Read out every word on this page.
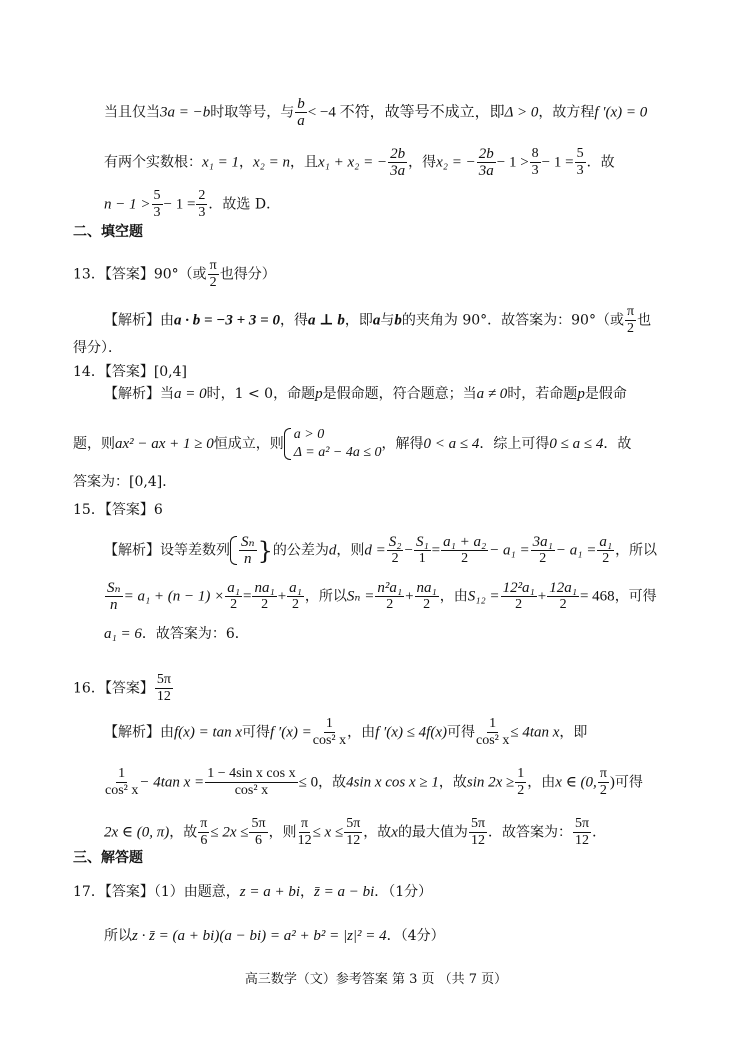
当且仅当3a = −b时取等号，与 $\frac{b}{a} < -4$ 不符，故等号不成立，即Δ > 0，故方程f ′(x) = 0
有两个实数根：x₁ = 1，x₂ = n，且x₁ + x₂ = − $\frac{2b}{3a}$ ，得x₂ = − $\frac{2b}{3a} - 1 > \frac{8}{3} - 1 = \frac{5}{3}$ ．故
$n - 1 > \frac{5}{3} - 1 = \frac{2}{3}$ ．故选 D．
二、填空题
13．【答案】90°（或 $\frac{\pi}{2}$ 也得分）
【解析】由a · b = −3 + 3 = 0，得a ⊥ b，即a与b的夹角为 90°．故答案为：90°（或 $\frac{\pi}{2}$ 也
得分）．
14．【答案】[0,4]
【解析】当a = 0时，1 < 0，命题p是假命题，符合题意；当a ≠ 0时，若命题p是假命
题，则ax² − ax + 1 ≥ 0恒成立，则
a > 0
Δ = a² − 4a ≤ 0
，解得0 < a ≤ 4．综上可得0 ≤ a ≤ 4．故
答案为：[0,4]．
15．【答案】6
【解析】设等差数列 $\frac{\text{Sₙ}}{n}$ }的公差为d，则$d = \frac{\text{S₂}}{2} - \frac{\text{S₁}}{1} = \frac{\text{a₁ + a₂}}{2} - a_1 = \frac{\text{3a₁}}{2} - a_1 = \frac{\text{a₁}}{2}$ ，所以
$\frac{\text{Sₙ}}{n} = a_1 + (n - 1) \times \frac{\text{a₁}}{2} = \frac{\text{na₁}}{2} + \frac{\text{a₁}}{2}$ ，所以$S_n = \frac{\text{n²a₁}}{2} + \frac{\text{na₁}}{2}$ ，由$S_{12} = \frac{\text{12²a₁}}{2} + \frac{\text{12a₁}}{2} = 468$，可得
a₁ = 6．故答案为：6．
16．【答案】 $\frac{5\pi}{12}$
【解析】由f(x) = tan x可得f $'(x) = \frac{1}{\text{cos² x}}$ ，由f ′(x) ≤ 4f(x)可得 $\frac{1}{\text{cos² x}} \le 4\tan$ x，即
$\frac{1}{\text{cos² x}} - 4\tan$ $x = \frac{\text{1 − 4sin x cos x}}{\text{cos² x}} \le 0$，故4sin x cos x ≥ 1，故$\sin 2x \ge \frac{1}{2}$ ，由x ∈ (0, $\frac{\pi}{2}$ )可得
2x ∈ (0, π)，故 $\frac{\pi}{6} \le 2x \le \frac{5\pi}{6}$ ，则 $\frac{\pi}{12} \le x \le \frac{5\pi}{12}$ ，故x的最大值为 $\frac{5\pi}{12}$ ．故答案为： $\frac{5\pi}{12}$ ．
三、解答题
17．【答案】（1）由题意，z = a + bi，z̄ = a − bi．（1分）
所以z · z̄ = (a + bi)(a − bi) = a² + b² = |z|² = 4．（4分）
高三数学（文）参考答案 第 3 页 （共 7 页）
